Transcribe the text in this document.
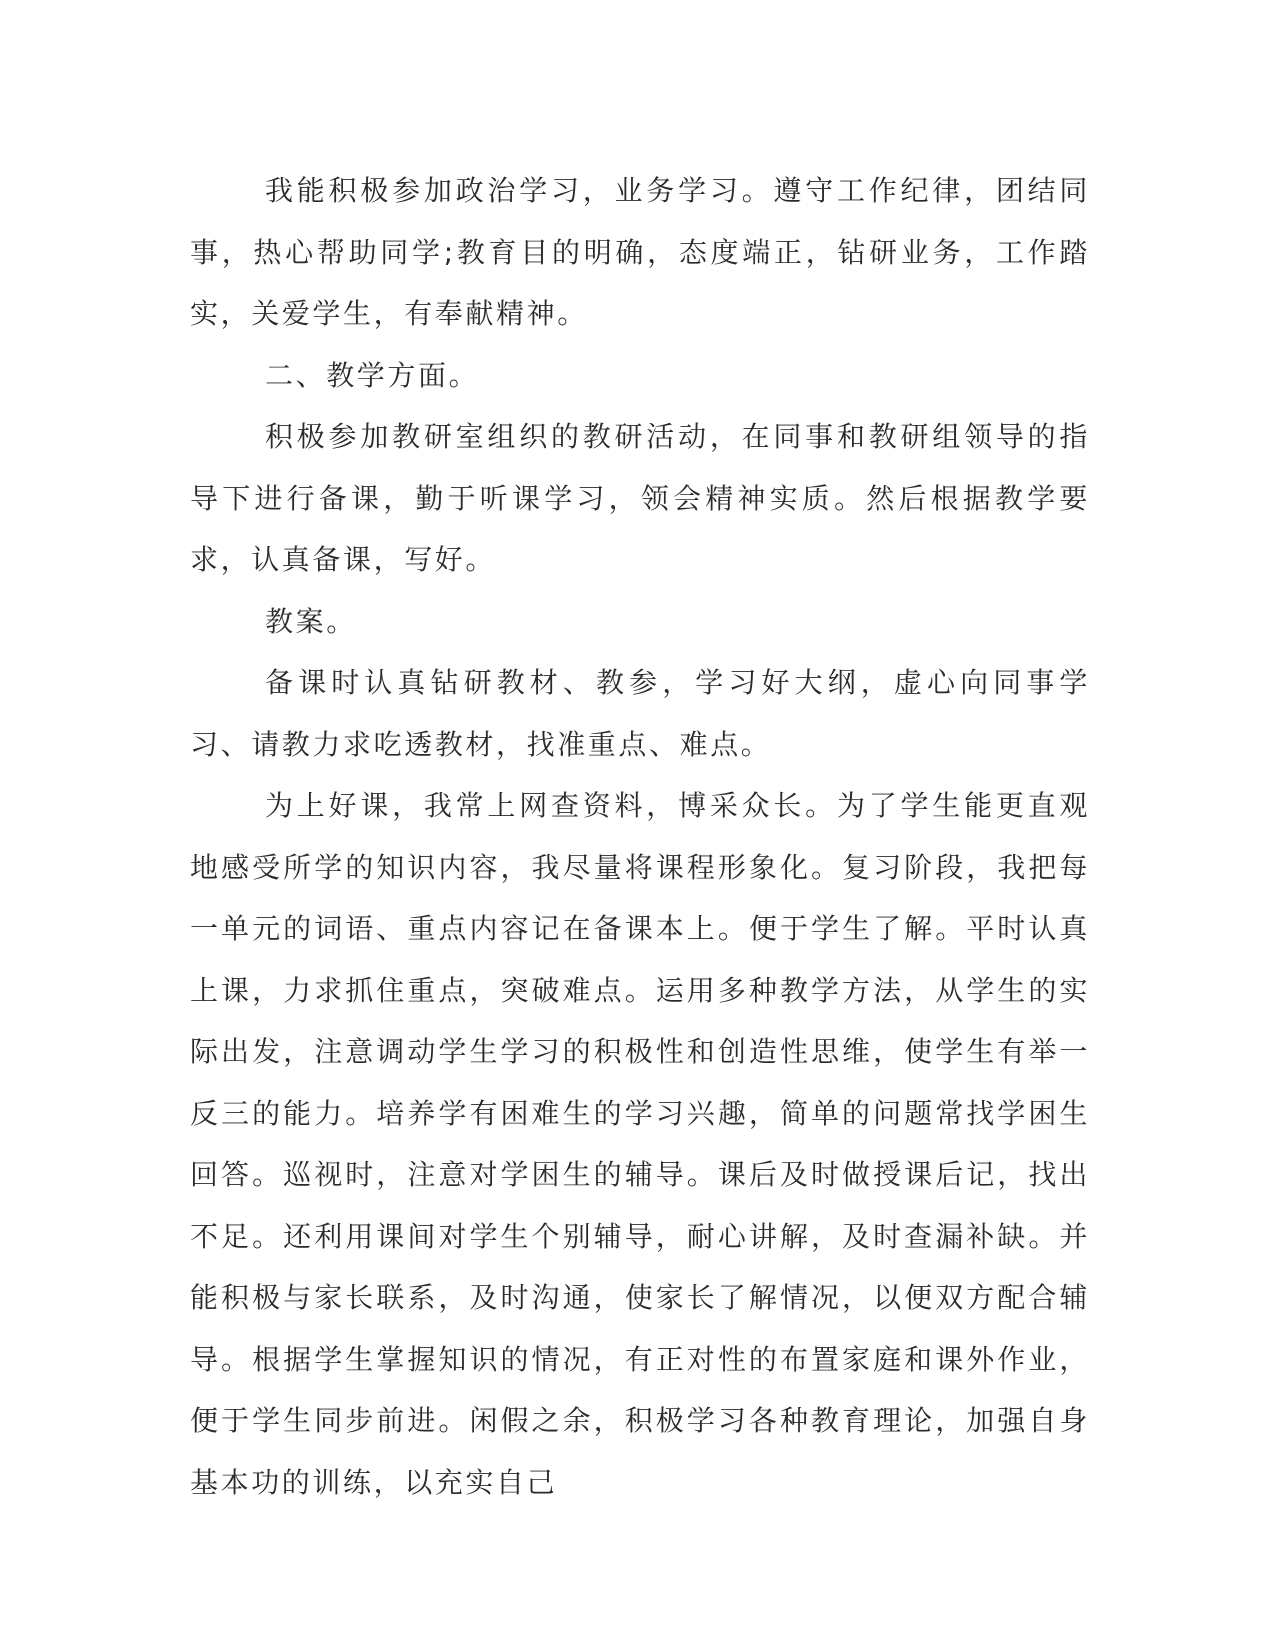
我能积极参加政治学习，业务学习。遵守工作纪律，团结同事，热心帮助同学;教育目的明确，态度端正，钻研业务，工作踏实，关爱学生，有奉献精神。

二、教学方面。

积极参加教研室组织的教研活动，在同事和教研组领导的指导下进行备课，勤于听课学习，领会精神实质。然后根据教学要求，认真备课，写好。

教案。

备课时认真钻研教材、教参，学习好大纲，虚心向同事学习、请教力求吃透教材，找准重点、难点。

为上好课，我常上网查资料，博采众长。为了学生能更直观地感受所学的知识内容，我尽量将课程形象化。复习阶段，我把每一单元的词语、重点内容记在备课本上。便于学生了解。平时认真上课，力求抓住重点，突破难点。运用多种教学方法，从学生的实际出发，注意调动学生学习的积极性和创造性思维，使学生有举一反三的能力。培养学有困难生的学习兴趣，简单的问题常找学困生回答。巡视时，注意对学困生的辅导。课后及时做授课后记，找出不足。还利用课间对学生个别辅导，耐心讲解，及时查漏补缺。并能积极与家长联系，及时沟通，使家长了解情况，以便双方配合辅导。根据学生掌握知识的情况，有正对性的布置家庭和课外作业，便于学生同步前进。闲假之余，积极学习各种教育理论，加强自身基本功的训练，以充实自己
